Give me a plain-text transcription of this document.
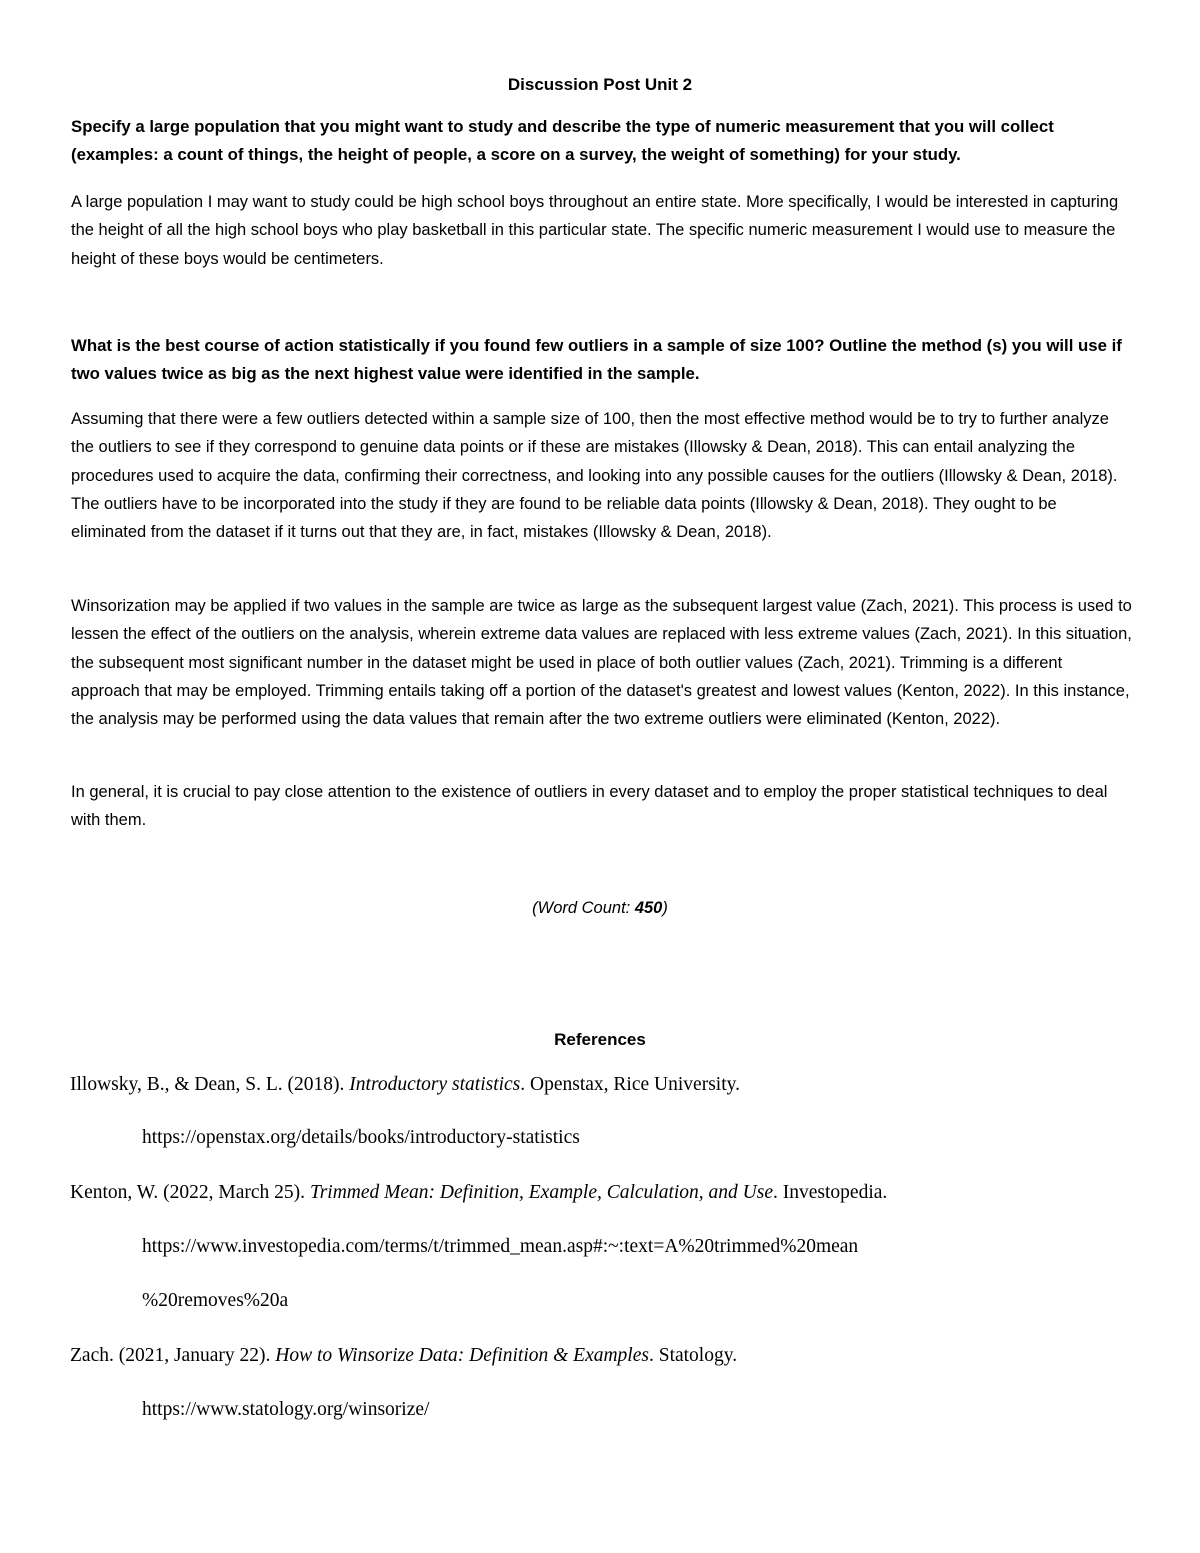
Discussion Post Unit 2

Specify a large population that you might want to study and describe the type of numeric measurement that you will collect (examples: a count of things, the height of people, a score on a survey, the weight of something) for your study.

A large population I may want to study could be high school boys throughout an entire state. More specifically, I would be interested in capturing the height of all the high school boys who play basketball in this particular state. The specific numeric measurement I would use to measure the height of these boys would be centimeters.

What is the best course of action statistically if you found few outliers in a sample of size 100? Outline the method (s) you will use if two values twice as big as the next highest value were identified in the sample.

Assuming that there were a few outliers detected within a sample size of 100, then the most effective method would be to try to further analyze the outliers to see if they correspond to genuine data points or if these are mistakes (Illowsky & Dean, 2018). This can entail analyzing the procedures used to acquire the data, confirming their correctness, and looking into any possible causes for the outliers (Illowsky & Dean, 2018). The outliers have to be incorporated into the study if they are found to be reliable data points (Illowsky & Dean, 2018). They ought to be eliminated from the dataset if it turns out that they are, in fact, mistakes (Illowsky & Dean, 2018).

Winsorization may be applied if two values in the sample are twice as large as the subsequent largest value (Zach, 2021). This process is used to lessen the effect of the outliers on the analysis, wherein extreme data values are replaced with less extreme values (Zach, 2021). In this situation, the subsequent most significant number in the dataset might be used in place of both outlier values (Zach, 2021). Trimming is a different approach that may be employed. Trimming entails taking off a portion of the dataset's greatest and lowest values (Kenton, 2022). In this instance, the analysis may be performed using the data values that remain after the two extreme outliers were eliminated (Kenton, 2022).

In general, it is crucial to pay close attention to the existence of outliers in every dataset and to employ the proper statistical techniques to deal with them.

(Word Count: 450)

References

Illowsky, B., & Dean, S. L. (2018). Introductory statistics. Openstax, Rice University.

https://openstax.org/details/books/introductory-statistics

Kenton, W. (2022, March 25). Trimmed Mean: Definition, Example, Calculation, and Use. Investopedia.

https://www.investopedia.com/terms/t/trimmed_mean.asp#:~:text=A%20trimmed%20mean

%20removes%20a

Zach. (2021, January 22). How to Winsorize Data: Definition & Examples. Statology.

https://www.statology.org/winsorize/
